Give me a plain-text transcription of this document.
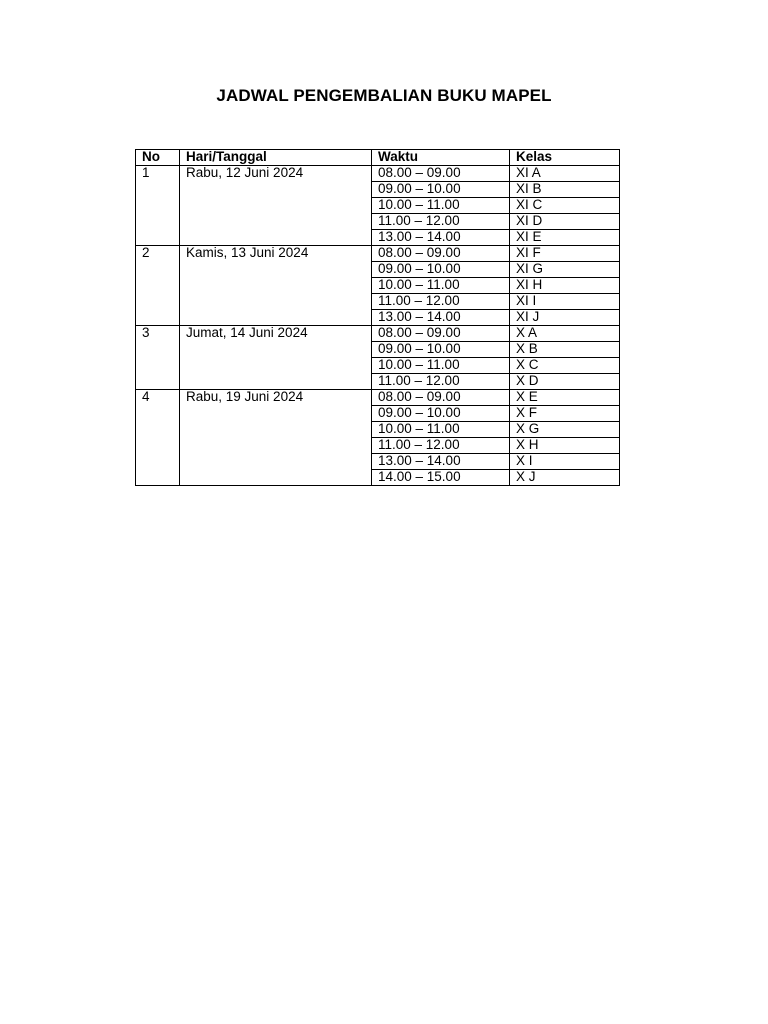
JADWAL PENGEMBALIAN BUKU MAPEL
No	Hari/Tanggal	Waktu	Kelas
1	Rabu, 12 Juni 2024	08.00 – 09.00	XI A
		09.00 – 10.00	XI B
		10.00 – 11.00	XI C
		11.00 – 12.00	XI D
		13.00 – 14.00	XI E
2	Kamis, 13 Juni 2024	08.00 – 09.00	XI F
		09.00 – 10.00	XI G
		10.00 – 11.00	XI H
		11.00 – 12.00	XI I
		13.00 – 14.00	XI J
3	Jumat, 14 Juni 2024	08.00 – 09.00	X A
		09.00 – 10.00	X B
		10.00 – 11.00	X C
		11.00 – 12.00	X D
4	Rabu, 19 Juni 2024	08.00 – 09.00	X E
		09.00 – 10.00	X F
		10.00 – 11.00	X G
		11.00 – 12.00	X H
		13.00 – 14.00	X I
		14.00 – 15.00	X J
